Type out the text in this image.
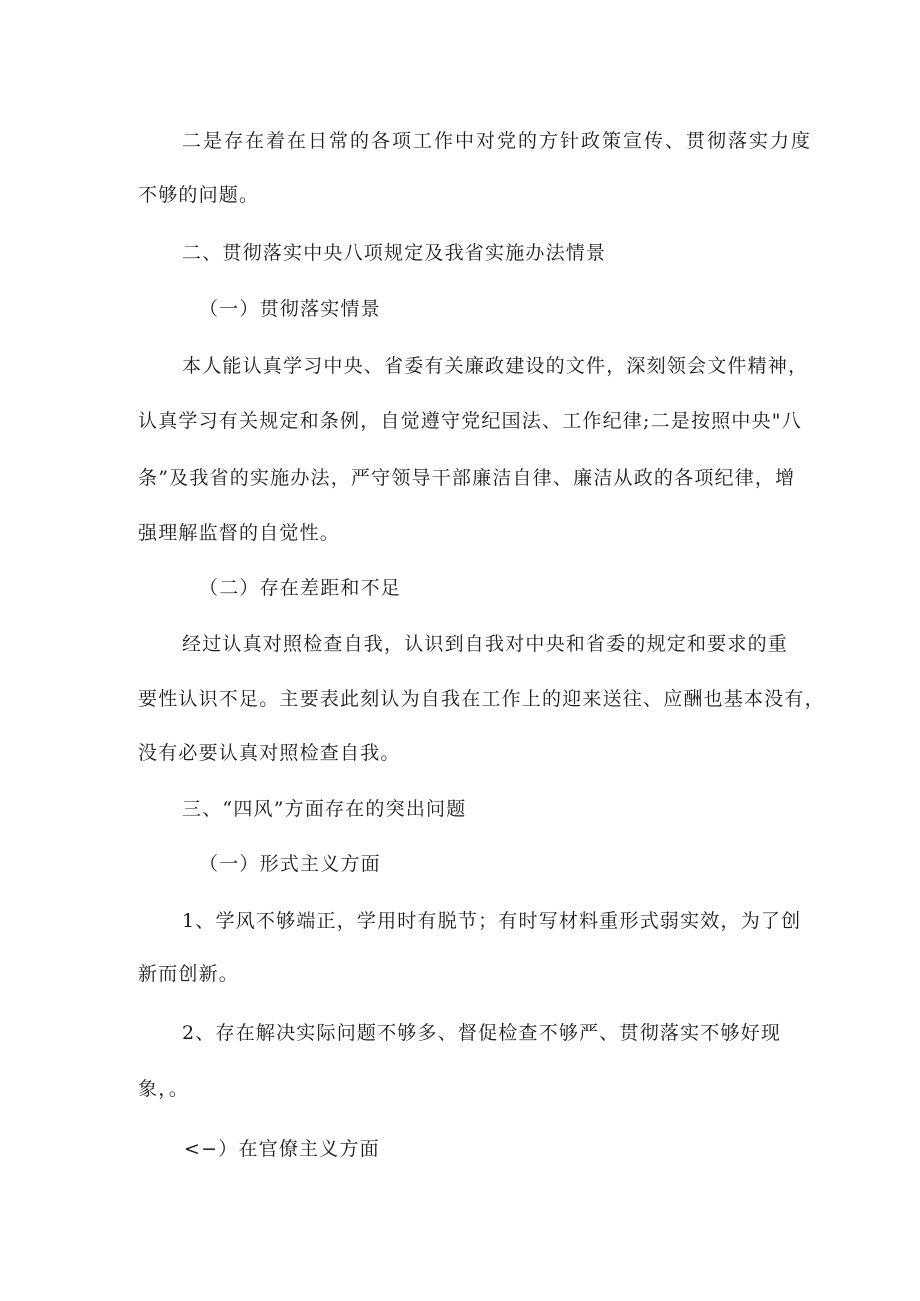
二是存在着在日常的各项工作中对党的方针政策宣传、贯彻落实力度
不够的问题。
二、贯彻落实中央八项规定及我省实施办法情景
（一）贯彻落实情景
本人能认真学习中央、省委有关廉政建设的文件，深刻领会文件精神，
认真学习有关规定和条例，自觉遵守党纪国法、工作纪律;二是按照中央"八
条”及我省的实施办法，严守领导干部廉洁自律、廉洁从政的各项纪律，增
强理解监督的自觉性。
（二）存在差距和不足
经过认真对照检查自我，认识到自我对中央和省委的规定和要求的重
要性认识不足。主要表此刻认为自我在工作上的迎来送往、应酬也基本没有，
没有必要认真对照检查自我。
三、“四风”方面存在的突出问题
（一）形式主义方面
1、学风不够端正，学用时有脱节；有时写材料重形式弱实效，为了创
新而创新。
2、存在解决实际问题不够多、督促检查不够严、贯彻落实不够好现
象，。
<−）在官僚主义方面
